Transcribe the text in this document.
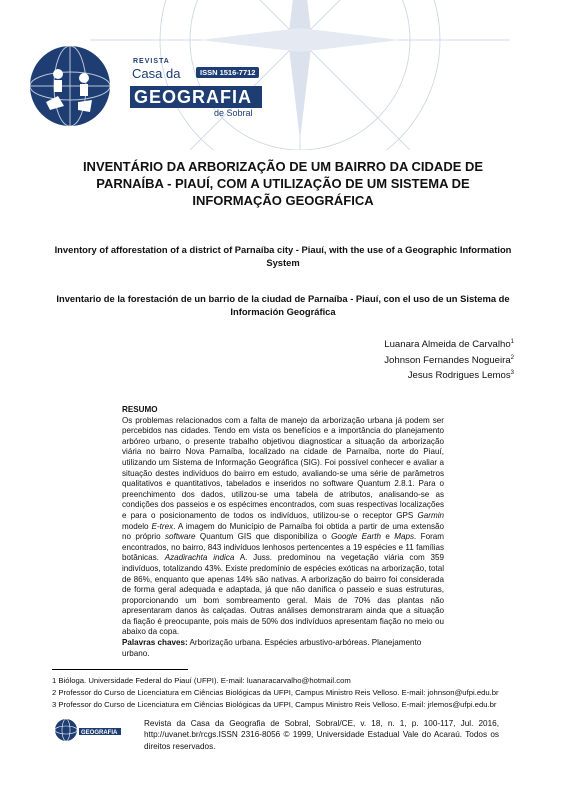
REVISTA
Casa da	ISSN 1516-7712
GEOGRAFIA
de Sobral
INVENTÁRIO DA ARBORIZAÇÃO DE UM BAIRRO DA CIDADE DE PARNAÍBA - PIAUÍ, COM A UTILIZAÇÃO DE UM SISTEMA DE INFORMAÇÃO GEOGRÁFICA
Inventory of afforestation of a district of Parnaíba city - Piauí, with the use of a Geographic Information System
Inventario de la forestación de un barrio de la ciudad de Parnaíba - Piauí, con el uso de un Sistema de Información Geográfica
Luanara Almeida de Carvalho$^1$
Johnson Fernandes Nogueira$^2$
Jesus Rodrigues Lemos$^3$
RESUMO
Os problemas relacionados com a falta de manejo da arborização urbana já podem ser percebidos nas cidades. Tendo em vista os benefícios e a importância do planejamento arbóreo urbano, o presente trabalho objetivou diagnosticar a situação da arborização viária no bairro Nova Parnaíba, localizado na cidade de Parnaíba, norte do Piauí, utilizando um Sistema de Informação Geográfica (SIG). Foi possível conhecer e avaliar a situação destes indivíduos do bairro em estudo, avaliando-se uma série de parâmetros qualitativos e quantitativos, tabelados e inseridos no software Quantum 2.8.1. Para o preenchimento dos dados, utilizou-se uma tabela de atributos, analisando-se as condições dos passeios e os espécimes encontrados, com suas respectivas localizações e para o posicionamento de todos os indivíduos, utilizou-se o receptor GPS Garmin modelo E-trex. A imagem do Município de Parnaíba foi obtida a partir de uma extensão no próprio software Quantum GIS que disponibiliza o Google Earth e Maps. Foram encontrados, no bairro, 843 indivíduos lenhosos pertencentes a 19 espécies e 11 famílias botânicas. Azadirachta indica A. Juss. predominou na vegetação viária com 359 indivíduos, totalizando 43%. Existe predomínio de espécies exóticas na arborização, total de 86%, enquanto que apenas 14% são nativas. A arborização do bairro foi considerada de forma geral adequada e adaptada, já que não danifica o passeio e suas estruturas, proporcionando um bom sombreamento geral. Mais de 70% das plantas não apresentaram danos às calçadas. Outras análises demonstraram ainda que a situação da fiação é preocupante, pois mais de 50% dos indivíduos apresentam fiação no meio ou abaixo da copa.
Palavras chaves: Arborização urbana. Espécies arbustivo-arbóreas. Planejamento urbano.
1 Bióloga. Universidade Federal do Piauí (UFPI). E-mail: luanaracarvalho@hotmail.com
2 Professor do Curso de Licenciatura em Ciências Biológicas da UFPI, Campus Ministro Reis Velloso. E-mail: johnson@ufpi.edu.br
3 Professor do Curso de Licenciatura em Ciências Biológicas da UFPI, Campus Ministro Reis Velloso. E-mail: jrlemos@ufpi.edu.br
GEOGRAFIA
Revista da Casa da Geografia de Sobral, Sobral/CE, v. 18, n. 1, p. 100-117, Jul. 2016, http://uvanet.br/rcgs.ISSN 2316-8056 © 1999, Universidade Estadual Vale do Acaraú. Todos os direitos reservados.
